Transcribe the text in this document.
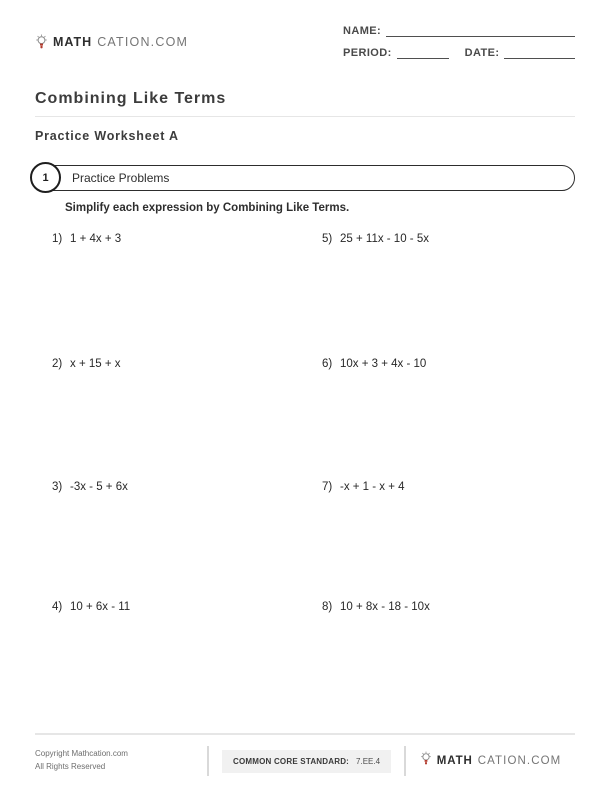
MATH CATION.COM
NAME:
PERIOD:	DATE:
Combining Like Terms
Practice Worksheet A
1	Practice Problems
Simplify each expression by Combining Like Terms.
1) 1 + 4x + 3
2) x + 15 + x
3) -3x - 5 + 6x
4) 10 + 6x - 11
5) 25 + 11x - 10 - 5x
6) 10x + 3 + 4x - 10
7) -x + 1 - x + 4
8) 10 + 8x - 18 - 10x
Copyright Mathcation.com
All Rights Reserved
COMMON CORE STANDARD: 7.EE.4	MATH CATION.COM
